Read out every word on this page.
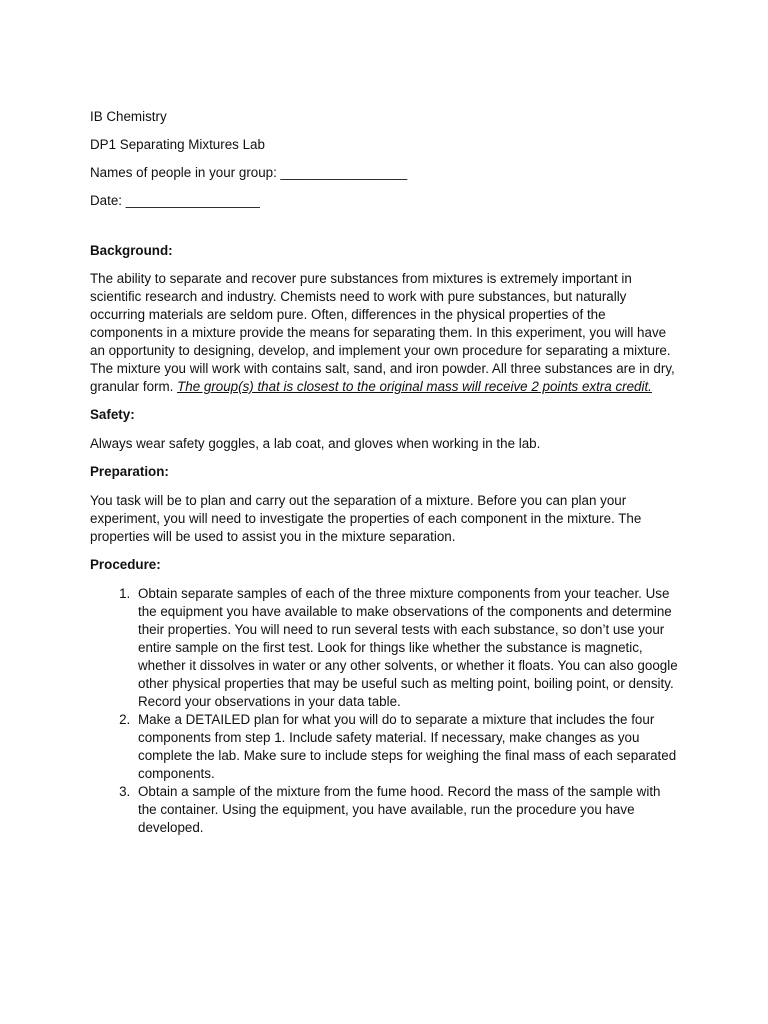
IB Chemistry

DP1 Separating Mixtures Lab

Names of people in your group: _________________

Date: __________________

Background:

The ability to separate and recover pure substances from mixtures is extremely important in scientific research and industry. Chemists need to work with pure substances, but naturally occurring materials are seldom pure. Often, differences in the physical properties of the components in a mixture provide the means for separating them. In this experiment, you will have an opportunity to designing, develop, and implement your own procedure for separating a mixture. The mixture you will work with contains salt, sand, and iron powder. All three substances are in dry, granular form. The group(s) that is closest to the original mass will receive 2 points extra credit.

Safety:

Always wear safety goggles, a lab coat, and gloves when working in the lab.

Preparation:

You task will be to plan and carry out the separation of a mixture. Before you can plan your experiment, you will need to investigate the properties of each component in the mixture. The properties will be used to assist you in the mixture separation.

Procedure:

1. Obtain separate samples of each of the three mixture components from your teacher. Use the equipment you have available to make observations of the components and determine their properties. You will need to run several tests with each substance, so don’t use your entire sample on the first test. Look for things like whether the substance is magnetic, whether it dissolves in water or any other solvents, or whether it floats. You can also google other physical properties that may be useful such as melting point, boiling point, or density. Record your observations in your data table.
2. Make a DETAILED plan for what you will do to separate a mixture that includes the four components from step 1. Include safety material. If necessary, make changes as you complete the lab. Make sure to include steps for weighing the final mass of each separated components.
3. Obtain a sample of the mixture from the fume hood. Record the mass of the sample with the container. Using the equipment, you have available, run the procedure you have developed.
